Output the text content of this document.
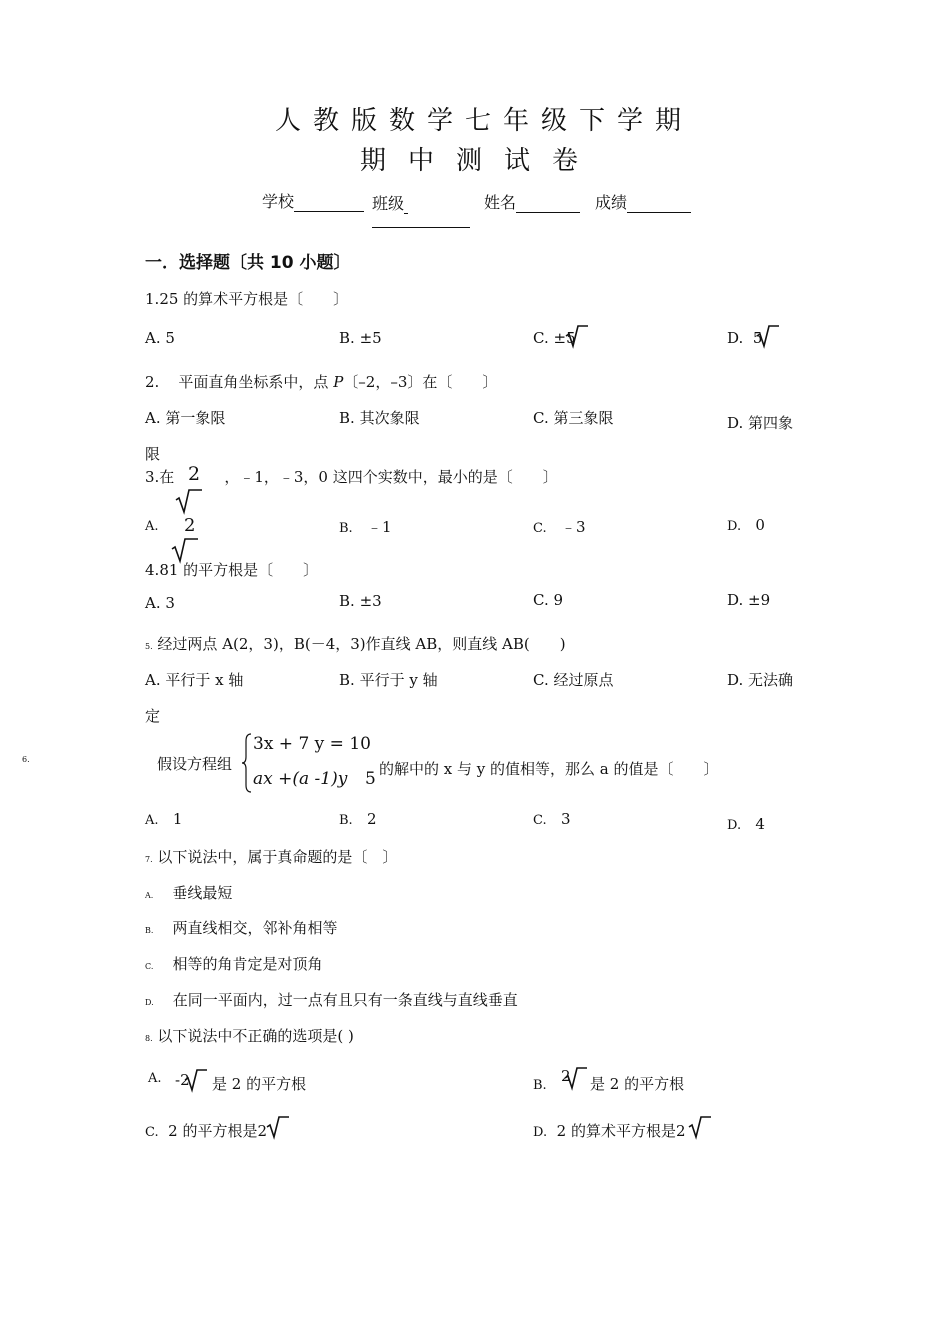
人教版数学七年级下学期
期中测试卷
学校	班级	姓名	成绩
一．选择题〔共 10 小题〕
1.25 的算术平方根是〔　　〕
A. 5	B. ±5	C. ±5	D. 5
2. 平面直角坐标系中，点 P〔–2，–3〕在〔　　〕
A. 第一象限	B. 其次象限	C. 第三象限	D. 第四象
限
3.在	，﹣1，﹣3，0 这四个实数中，最小的是〔　　〕
2
A. 2	B. ﹣1	C. ﹣3	D. 0
4.81 的平方根是〔　　〕
A. 3	B. ±3	C. 9	D. ±9
5. 经过两点 A(2，3)，B(－4，3)作直线 AB，则直线 AB(　　)
A. 平行于 x 轴	B. 平行于 y 轴	C. 经过原点	D. 无法确
定
6.	假设方程组
3x + 7 y = 10
ax +(a -1)y 5 的解中的 x 与 y 的值相等，那么 a 的值是〔　　〕
A. 1	B. 2	C. 3	D. 4
7. 以下说法中，属于真命题的是〔　〕
A. 垂线最短
B. 两直线相交，邻补角相等
C. 相等的角肯定是对顶角
D. 在同一平面内，过一点有且只有一条直线与直线垂直
8. 以下说法中不正确的选项是( )
A. -2 是 2 的平方根	B.
2 是 2 的平方根
C. 2 的平方根是2	D. 2 的算术平方根是2
